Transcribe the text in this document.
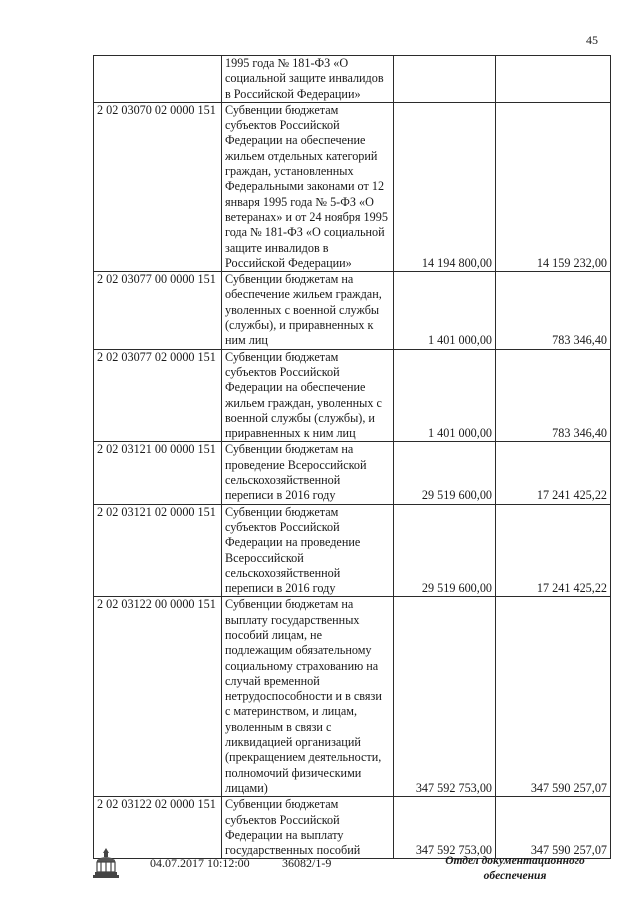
45
	1995 года № 181-ФЗ «О социальной защите инвалидов в Российской Федерации»		
2 02 03070 02 0000 151	Субвенции бюджетам субъектов Российской Федерации на обеспечение жильем отдельных категорий граждан, установленных Федеральными законами от 12 января 1995 года № 5-ФЗ «О ветеранах» и от 24 ноября 1995 года № 181-ФЗ «О социальной защите инвалидов в Российской Федерации»	14 194 800,00	14 159 232,00
2 02 03077 00 0000 151	Субвенции бюджетам на обеспечение жильем граждан, уволенных с военной службы (службы), и приравненных к ним лиц	1 401 000,00	783 346,40
2 02 03077 02 0000 151	Субвенции бюджетам субъектов Российской Федерации на обеспечение жильем граждан, уволенных с военной службы (службы), и приравненных к ним лиц	1 401 000,00	783 346,40
2 02 03121 00 0000 151	Субвенции бюджетам на проведение Всероссийской сельскохозяйственной переписи в 2016 году	29 519 600,00	17 241 425,22
2 02 03121 02 0000 151	Субвенции бюджетам субъектов Российской Федерации на проведение Всероссийской сельскохозяйственной переписи в 2016 году	29 519 600,00	17 241 425,22
2 02 03122 00 0000 151	Субвенции бюджетам на выплату государственных пособий лицам, не подлежащим обязательному социальному страхованию на случай временной нетрудоспособности и в связи с материнством, и лицам, уволенным в связи с ликвидацией организаций (прекращением деятельности, полномочий физическими лицами)	347 592 753,00	347 590 257,07
2 02 03122 02 0000 151	Субвенции бюджетам субъектов Российской Федерации на выплату государственных пособий	347 592 753,00	347 590 257,07
04.07.2017 10:12:00	36082/1-9	Отдел документационного обеспечения
